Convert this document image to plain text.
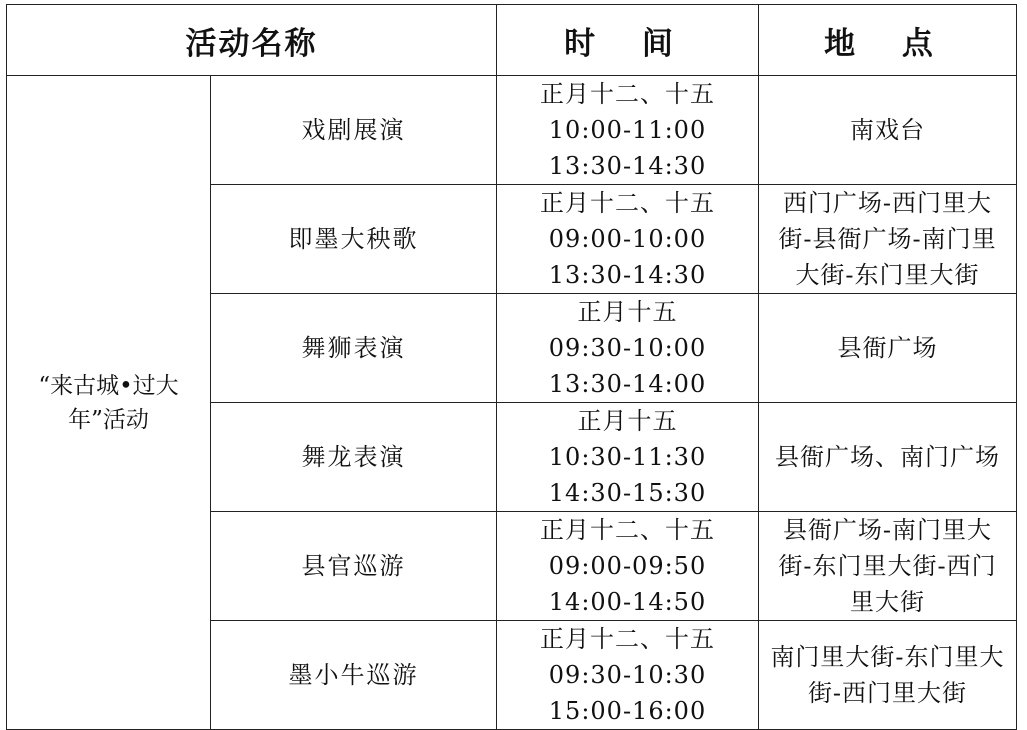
活动名称		时 间	地 点
“来古城•过大年”活动	戏剧展演	正月十二、十五
10:00-11:00
13:30-14:30	南戏台
	即墨大秧歌	正月十二、十五
09:00-10:00
13:30-14:30	西门广场-西门里大街-县衙广场-南门里大街-东门里大街
	舞狮表演	正月十五
09:30-10:00
13:30-14:00	县衙广场
	舞龙表演	正月十五
10:30-11:30
14:30-15:30	县衙广场、南门广场
	县官巡游	正月十二、十五
09:00-09:50
14:00-14:50	县衙广场-南门里大街-东门里大街-西门里大街
	墨小牛巡游	正月十二、十五
09:30-10:30
15:00-16:00	南门里大街-东门里大街-西门里大街
